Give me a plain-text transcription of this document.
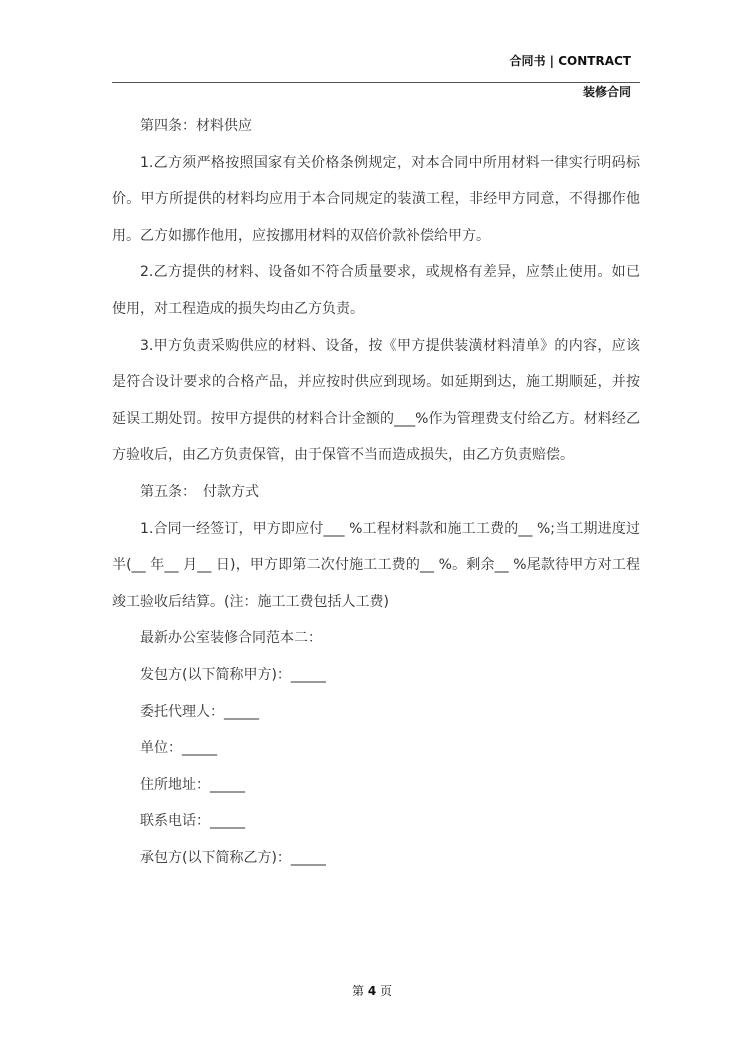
合同书 | CONTRACT
装修合同

第四条：材料供应

1.乙方须严格按照国家有关价格条例规定，对本合同中所用材料一律实行明码标价。甲方所提供的材料均应用于本合同规定的装潢工程，非经甲方同意，不得挪作他用。乙方如挪作他用，应按挪用材料的双倍价款补偿给甲方。

2.乙方提供的材料、设备如不符合质量要求，或规格有差异，应禁止使用。如已使用，对工程造成的损失均由乙方负责。

3.甲方负责采购供应的材料、设备，按《甲方提供装潢材料清单》的内容，应该是符合设计要求的合格产品，并应按时供应到现场。如延期到达，施工期顺延，并按延误工期处罚。按甲方提供的材料合计金额的___%作为管理费支付给乙方。材料经乙方验收后，由乙方负责保管，由于保管不当而造成损失，由乙方负责赔偿。

第五条：　付款方式

1.合同一经签订，甲方即应付___ %工程材料款和施工工费的__ %;当工期进度过半(__ 年__ 月__ 日)，甲方即第二次付施工工费的__ %。剩余__ %尾款待甲方对工程竣工验收后结算。(注：施工工费包括人工费)

最新办公室装修合同范本二：

发包方(以下简称甲方)：_____

委托代理人：_____

单位：_____

住所地址：_____

联系电话：_____

承包方(以下简称乙方)：_____

第 4 页
